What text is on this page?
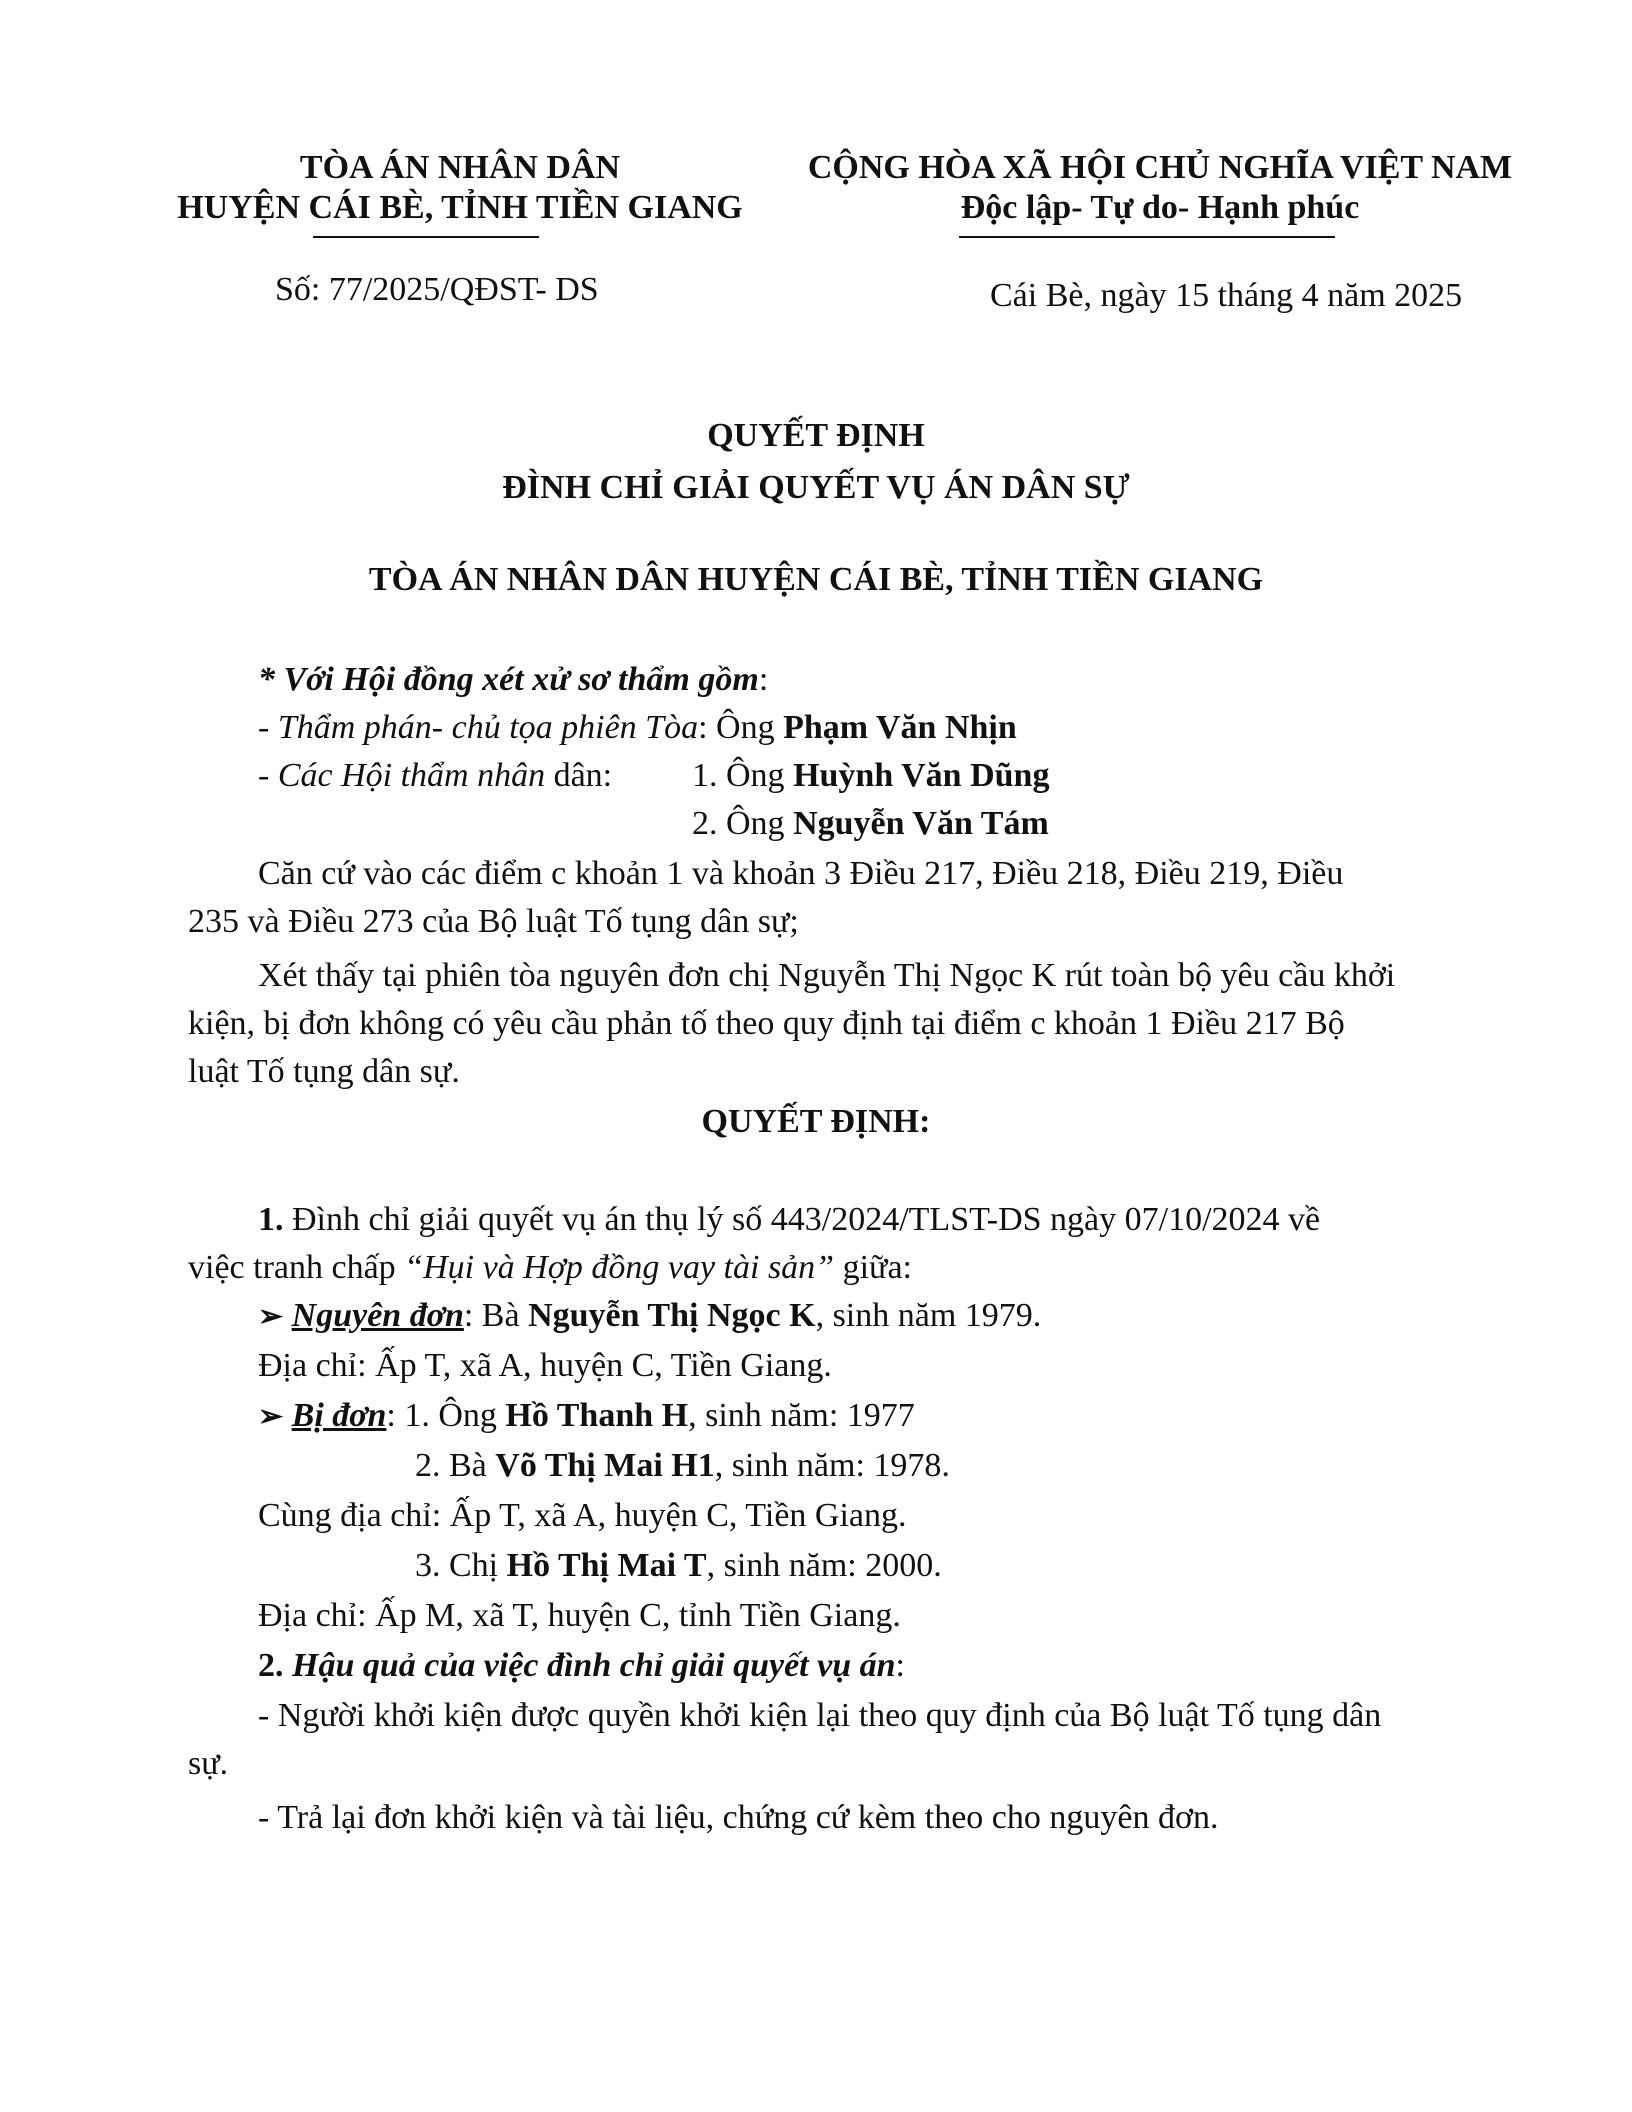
TÒA ÁN NHÂN DÂN
HUYỆN CÁI BÈ, TỈNH TIỀN GIANG
CỘNG HÒA XÃ HỘI CHỦ NGHĨA VIỆT NAM
Độc lập- Tự do- Hạnh phúc
Số: 77/2025/QĐST- DS	Cái Bè, ngày 15 tháng 4 năm 2025
QUYẾT ĐỊNH
ĐÌNH CHỈ GIẢI QUYẾT VỤ ÁN DÂN SỰ
TÒA ÁN NHÂN DÂN HUYỆN CÁI BÈ, TỈNH TIỀN GIANG
* Với Hội đồng xét xử sơ thẩm gồm:
- Thẩm phán- chủ tọa phiên Tòa: Ông Phạm Văn Nhịn
- Các Hội thẩm nhân dân: 1. Ông Huỳnh Văn Dũng
2. Ông Nguyễn Văn Tám
Căn cứ vào các điểm c khoản 1 và khoản 3 Điều 217, Điều 218, Điều 219, Điều
235 và Điều 273 của Bộ luật Tố tụng dân sự;
Xét thấy tại phiên tòa nguyên đơn chị Nguyễn Thị Ngọc K rút toàn bộ yêu cầu khởi
kiện, bị đơn không có yêu cầu phản tố theo quy định tại điểm c khoản 1 Điều 217 Bộ
luật Tố tụng dân sự.
QUYẾT ĐỊNH:
1. Đình chỉ giải quyết vụ án thụ lý số 443/2024/TLST-DS ngày 07/10/2024 về
việc tranh chấp “Hụi và Hợp đồng vay tài sản” giữa:
➢ Nguyên đơn: Bà Nguyễn Thị Ngọc K, sinh năm 1979.
Địa chỉ: Ấp T, xã A, huyện C, Tiền Giang.
➢ Bị đơn: 1. Ông Hồ Thanh H, sinh năm: 1977
2. Bà Võ Thị Mai H1, sinh năm: 1978.
Cùng địa chỉ: Ấp T, xã A, huyện C, Tiền Giang.
3. Chị Hồ Thị Mai T, sinh năm: 2000.
Địa chỉ: Ấp M, xã T, huyện C, tỉnh Tiền Giang.
2. Hậu quả của việc đình chỉ giải quyết vụ án:
- Người khởi kiện được quyền khởi kiện lại theo quy định của Bộ luật Tố tụng dân
sự.
- Trả lại đơn khởi kiện và tài liệu, chứng cứ kèm theo cho nguyên đơn.
